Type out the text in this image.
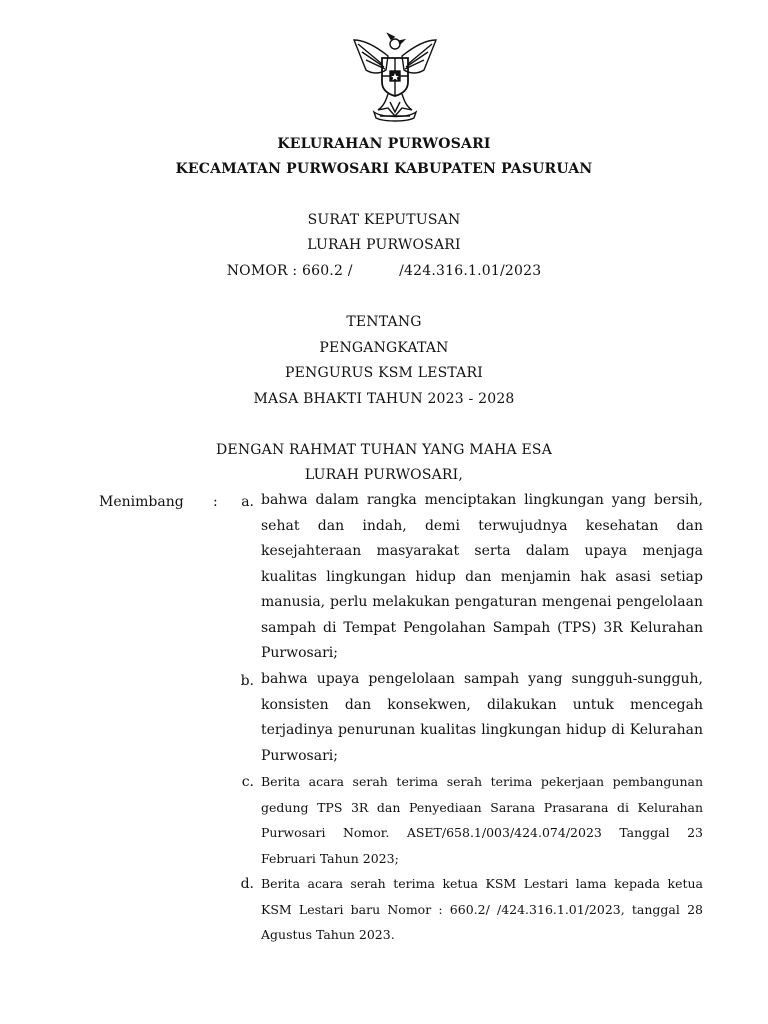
KELURAHAN PURWOSARI
KECAMATAN PURWOSARI KABUPATEN PASURUAN
SURAT KEPUTUSAN
LURAH PURWOSARI
NOMOR : 660.2 /          /424.316.1.01/2023
TENTANG
PENGANGKATAN
PENGURUS KSM LESTARI
MASA BHAKTI TAHUN 2023 - 2028
DENGAN RAHMAT TUHAN YANG MAHA ESA
LURAH PURWOSARI,
Menimbang :	a. bahwa dalam rangka menciptakan lingkungan yang bersih, sehat dan indah, demi terwujudnya kesehatan dan kesejahteraan masyarakat serta dalam upaya menjaga kualitas lingkungan hidup dan menjamin hak asasi setiap manusia, perlu melakukan pengaturan mengenai pengelolaan sampah di Tempat Pengolahan Sampah (TPS) 3R Kelurahan Purwosari;
b. bahwa upaya pengelolaan sampah yang sungguh-sungguh, konsisten dan konsekwen, dilakukan untuk mencegah terjadinya penurunan kualitas lingkungan hidup di Kelurahan Purwosari;
c. Berita acara serah terima serah terima pekerjaan pembangunan gedung TPS 3R dan Penyediaan Sarana Prasarana di Kelurahan Purwosari Nomor. ASET/658.1/003/424.074/2023 Tanggal 23 Februari Tahun 2023;
d. Berita acara serah terima ketua KSM Lestari lama kepada ketua KSM Lestari baru Nomor : 660.2/ /424.316.1.01/2023, tanggal 28 Agustus Tahun 2023.
